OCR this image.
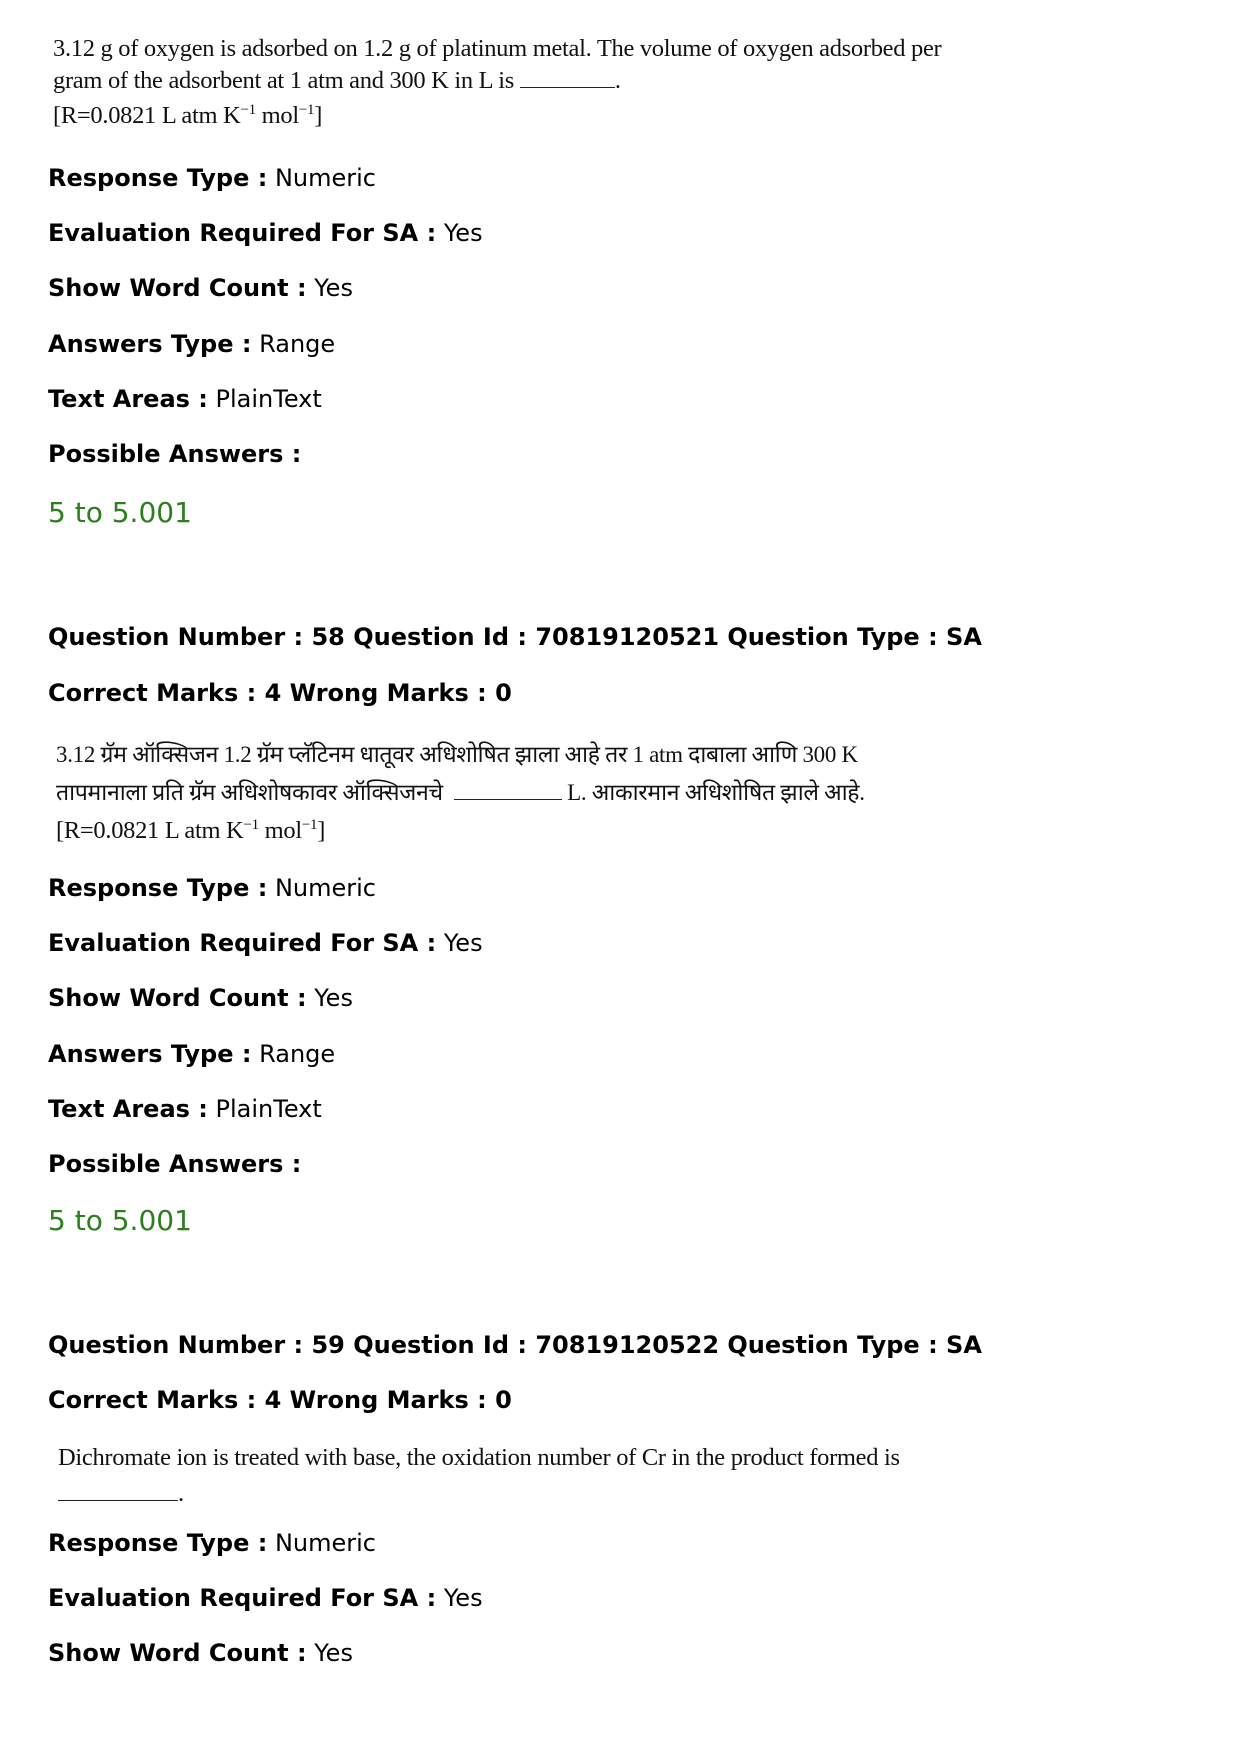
3.12 g of oxygen is adsorbed on 1.2 g of platinum metal. The volume of oxygen adsorbed per
gram of the adsorbent at 1 atm and 300 K in L is	.
[R=0.0821 L atm $K^{-1}$ mol$^{-1}$]
Response Type : Numeric
Evaluation Required For SA : Yes
Show Word Count : Yes
Answers Type : Range
Text Areas : PlainText
Possible Answers :
5 to 5.001
Question Number : 58 Question Id : 70819120521 Question Type : SA
Correct Marks : 4 Wrong Marks : 0
3.12 ग्रॅम ऑक्सिजन 1.2 ग्रॅम प्लॅटिनम धातूवर अधिशोषित झाला आहे तर 1 atm दाबाला आणि 300 K
तापमानाला प्रति ग्रॅम अधिशोषकावर ऑक्सिजनचे	L. आकारमान अधिशोषित झाले आहे.
[R=0.0821 L atm $K^{-1}$ mol$^{-1}$]
Response Type : Numeric
Evaluation Required For SA : Yes
Show Word Count : Yes
Answers Type : Range
Text Areas : PlainText
Possible Answers :
5 to 5.001
Question Number : 59 Question Id : 70819120522 Question Type : SA
Correct Marks : 4 Wrong Marks : 0
Dichromate ion is treated with base, the oxidation number of Cr in the product formed is
.
Response Type : Numeric
Evaluation Required For SA : Yes
Show Word Count : Yes
